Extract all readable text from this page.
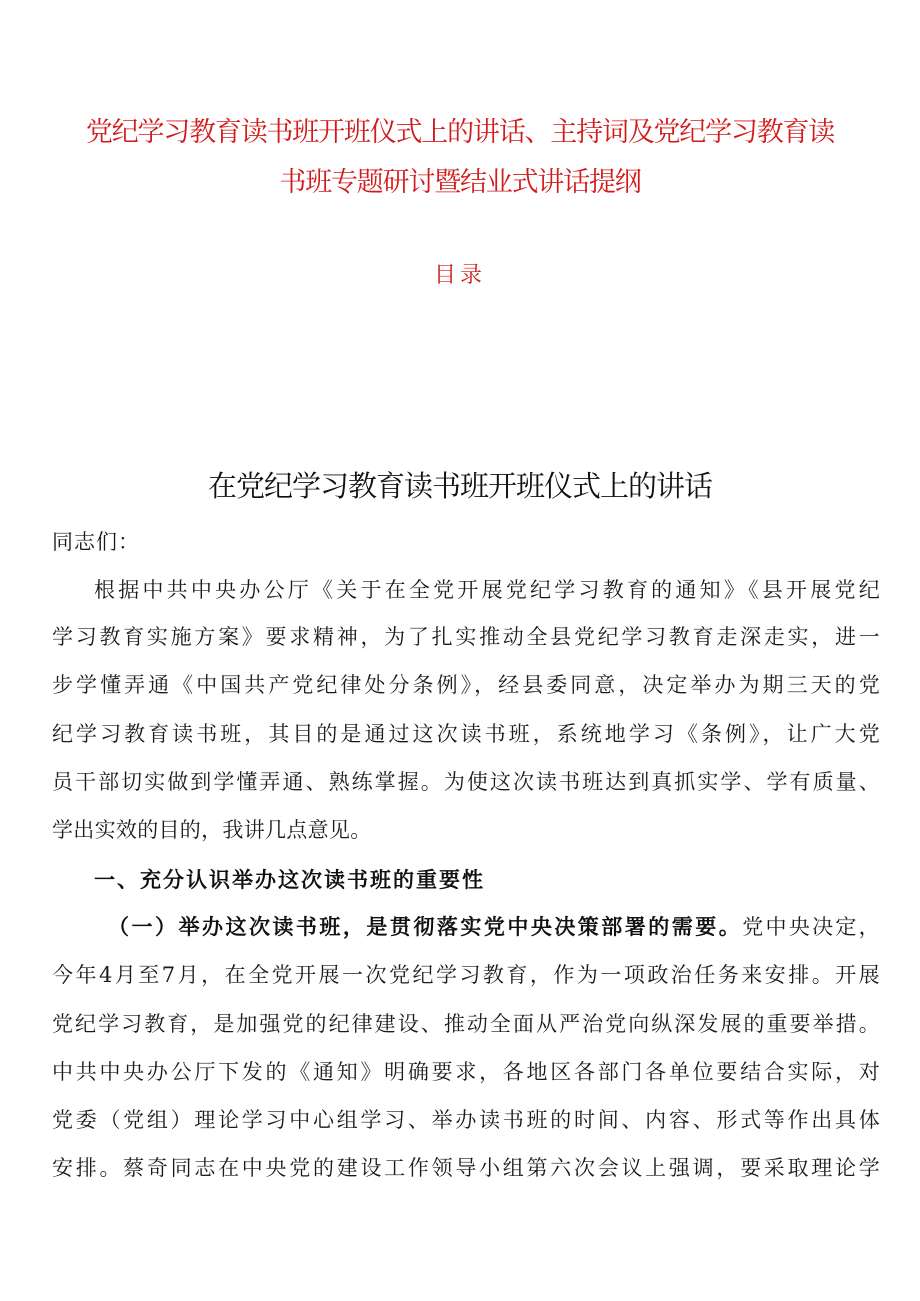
党纪学习教育读书班开班仪式上的讲话、主持词及党纪学习教育读
书班专题研讨暨结业式讲话提纲
目录
在党纪学习教育读书班开班仪式上的讲话
同志们：
根据中共中央办公厅《关于在全党开展党纪学习教育的通知》《县开展党纪
学习教育实施方案》要求精神，为了扎实推动全县党纪学习教育走深走实，进一
步学懂弄通《中国共产党纪律处分条例》，经县委同意，决定举办为期三天的党
纪学习教育读书班，其目的是通过这次读书班，系统地学习《条例》，让广大党
员干部切实做到学懂弄通、熟练掌握。为使这次读书班达到真抓实学、学有质量、
学出实效的目的，我讲几点意见。
一、充分认识举办这次读书班的重要性
（一）举办这次读书班，是贯彻落实党中央决策部署的需要。党中央决定，
今年4月至7月，在全党开展一次党纪学习教育，作为一项政治任务来安排。开展
党纪学习教育，是加强党的纪律建设、推动全面从严治党向纵深发展的重要举措。
中共中央办公厅下发的《通知》明确要求，各地区各部门各单位要结合实际，对
党委（党组）理论学习中心组学习、举办读书班的时间、内容、形式等作出具体
安排。蔡奇同志在中央党的建设工作领导小组第六次会议上强调，要采取理论学
